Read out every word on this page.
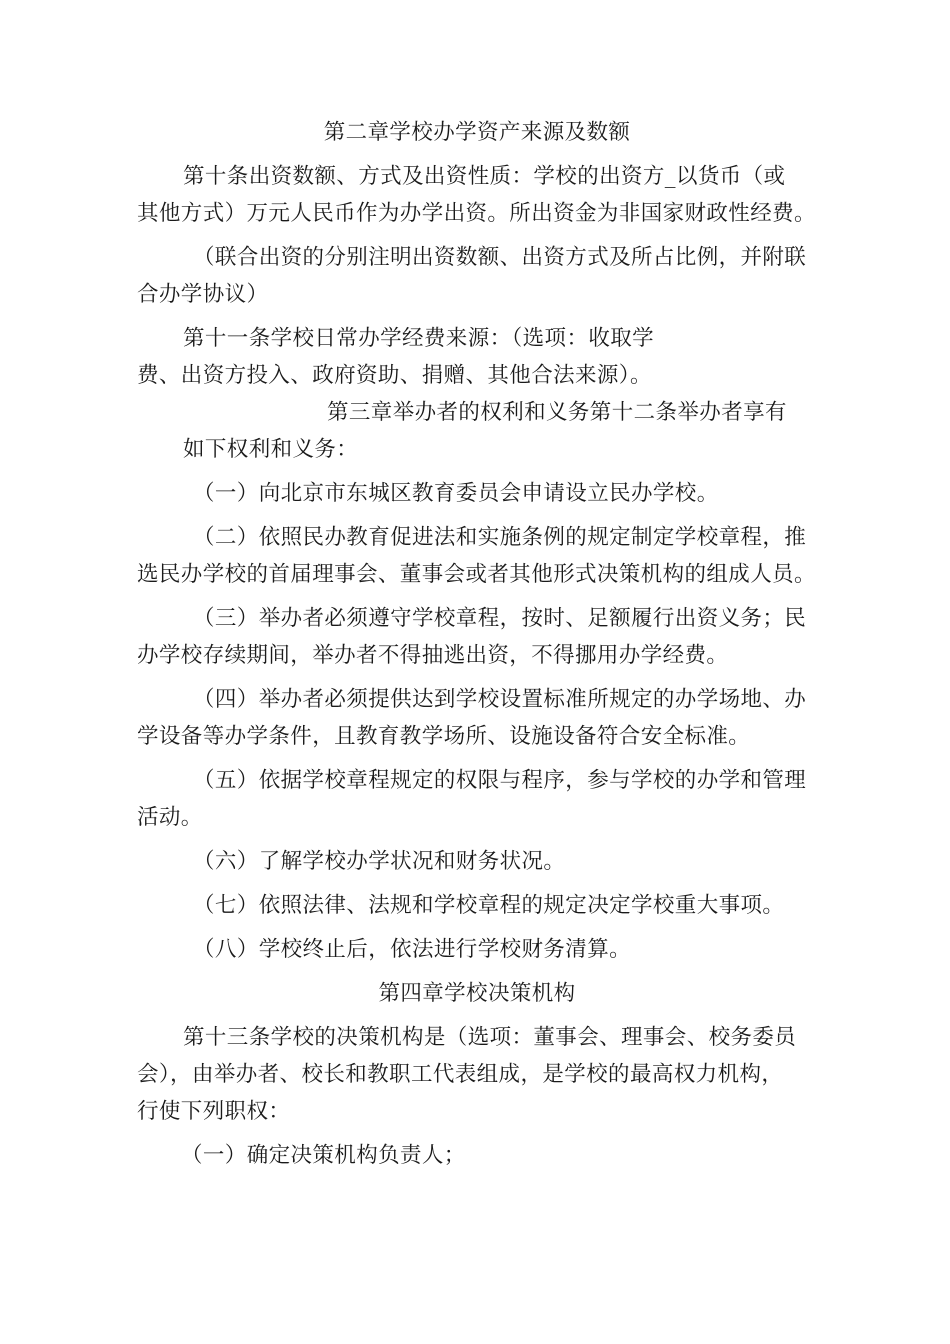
第二章学校办学资产来源及数额
第十条出资数额、方式及出资性质：学校的出资方_以货币（或
其他方式）万元人民币作为办学出资。所出资金为非国家财政性经费。
（联合出资的分别注明出资数额、出资方式及所占比例，并附联
合办学协议）
第十一条学校日常办学经费来源：（选项：收取学
费、出资方投入、政府资助、捐赠、其他合法来源）。
第三章举办者的权利和义务第十二条举办者享有
如下权利和义务：
（一）向北京市东城区教育委员会申请设立民办学校。
（二）依照民办教育促进法和实施条例的规定制定学校章程，推
选民办学校的首届理事会、董事会或者其他形式决策机构的组成人员。
（三）举办者必须遵守学校章程，按时、足额履行出资义务；民
办学校存续期间，举办者不得抽逃出资，不得挪用办学经费。
（四）举办者必须提供达到学校设置标准所规定的办学场地、办
学设备等办学条件，且教育教学场所、设施设备符合安全标准。
（五）依据学校章程规定的权限与程序，参与学校的办学和管理
活动。
（六）了解学校办学状况和财务状况。
（七）依照法律、法规和学校章程的规定决定学校重大事项。
（八）学校终止后，依法进行学校财务清算。
第四章学校决策机构
第十三条学校的决策机构是（选项：董事会、理事会、校务委员
会），由举办者、校长和教职工代表组成，是学校的最高权力机构，
行使下列职权：
（一）确定决策机构负责人；
